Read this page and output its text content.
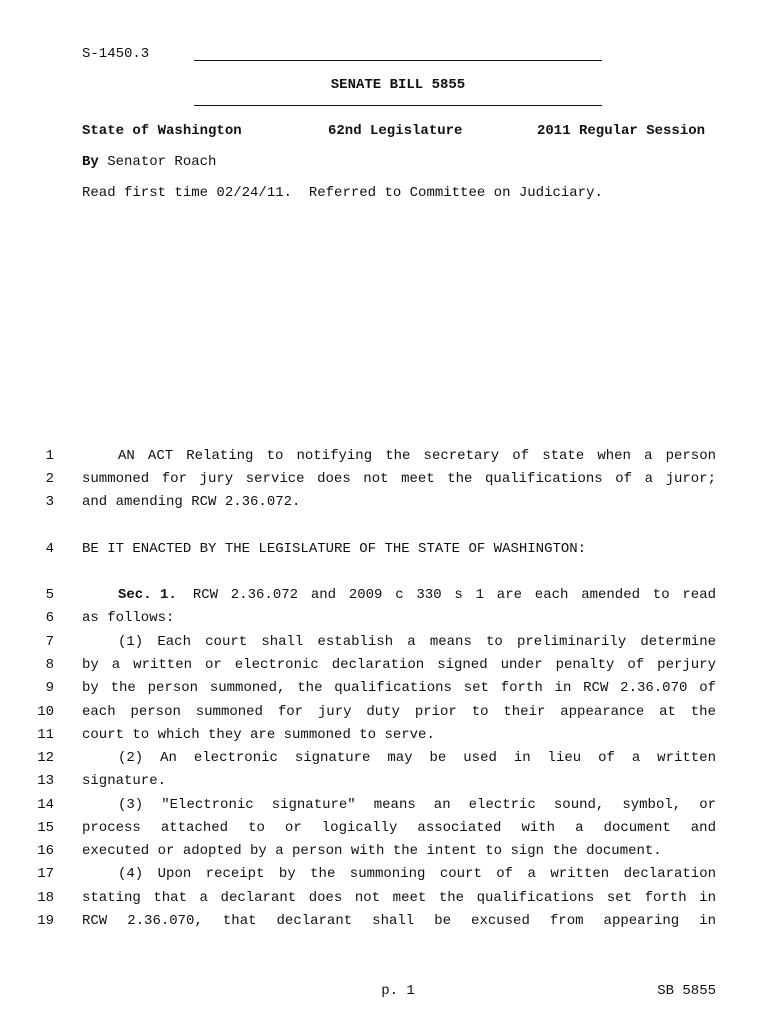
S-1450.3
SENATE BILL 5855
State of Washington	62nd Legislature	2011 Regular Session
By Senator Roach
Read first time 02/24/11.  Referred to Committee on Judiciary.
1	AN ACT Relating to notifying the secretary of state when a person
2 summoned for jury service does not meet the qualifications of a juror;
3 and amending RCW 2.36.072.
4 BE IT ENACTED BY THE LEGISLATURE OF THE STATE OF WASHINGTON:
5	Sec. 1. RCW 2.36.072 and 2009 c 330 s 1 are each amended to read
6 as follows:
7	(1) Each court shall establish a means to preliminarily determine
8 by a written or electronic declaration signed under penalty of perjury
9 by the person summoned, the qualifications set forth in RCW 2.36.070 of
10 each person summoned for jury duty prior to their appearance at the
11 court to which they are summoned to serve.
12	(2) An electronic signature may be used in lieu of a written
13 signature.
14	(3) "Electronic signature" means an electric sound, symbol, or
15 process attached to or logically associated with a document and
16 executed or adopted by a person with the intent to sign the document.
17	(4) Upon receipt by the summoning court of a written declaration
18 stating that a declarant does not meet the qualifications set forth in
19 RCW 2.36.070, that declarant shall be excused from appearing in
p. 1	SB 5855
